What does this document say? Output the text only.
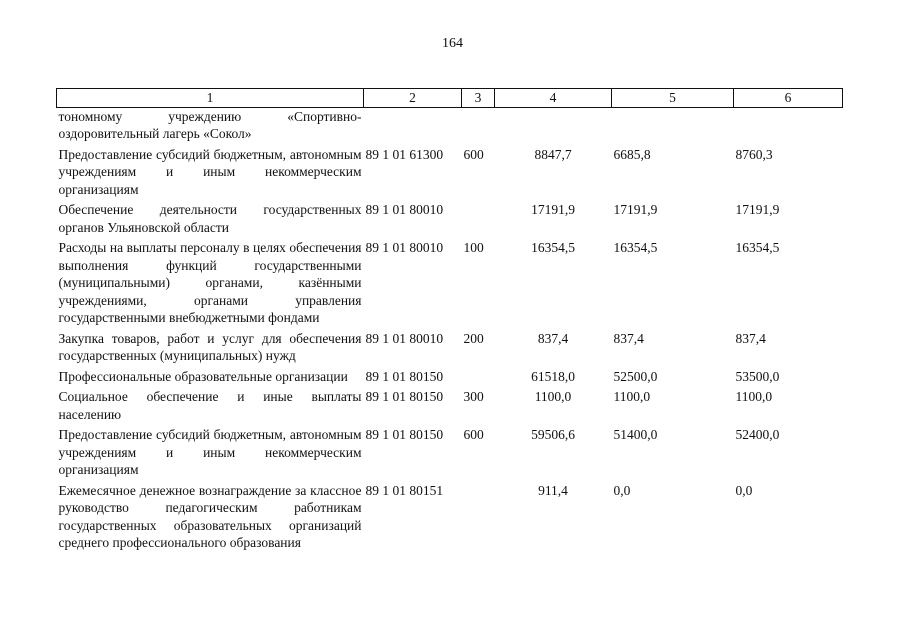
164
1	2	3	4	5	6
тономному учреждению «Спортивно-оздоровительный лагерь «Сокол»					
Предоставление субсидий бюджетным, автономным учреждениям и иным некоммерческим организациям	89 1 01 61300	600	8847,7	6685,8	8760,3
Обеспечение деятельности государственных органов Ульяновской области	89 1 01 80010		17191,9	17191,9	17191,9
Расходы на выплаты персоналу в целях обеспечения выполнения функций государственными (муниципальными) органами, казёнными учреждениями, органами управления государственными внебюджетными фондами	89 1 01 80010	100	16354,5	16354,5	16354,5
Закупка товаров, работ и услуг для обеспечения государственных (муниципальных) нужд	89 1 01 80010	200	837,4	837,4	837,4
Профессиональные образовательные организации	89 1 01 80150		61518,0	52500,0	53500,0
Социальное обеспечение и иные выплаты населению	89 1 01 80150	300	1100,0	1100,0	1100,0
Предоставление субсидий бюджетным, автономным учреждениям и иным некоммерческим организациям	89 1 01 80150	600	59506,6	51400,0	52400,0
Ежемесячное денежное вознаграждение за классное руководство педагогическим работникам государственных образовательных организаций среднего профессионального образования	89 1 01 80151		911,4	0,0	0,0
